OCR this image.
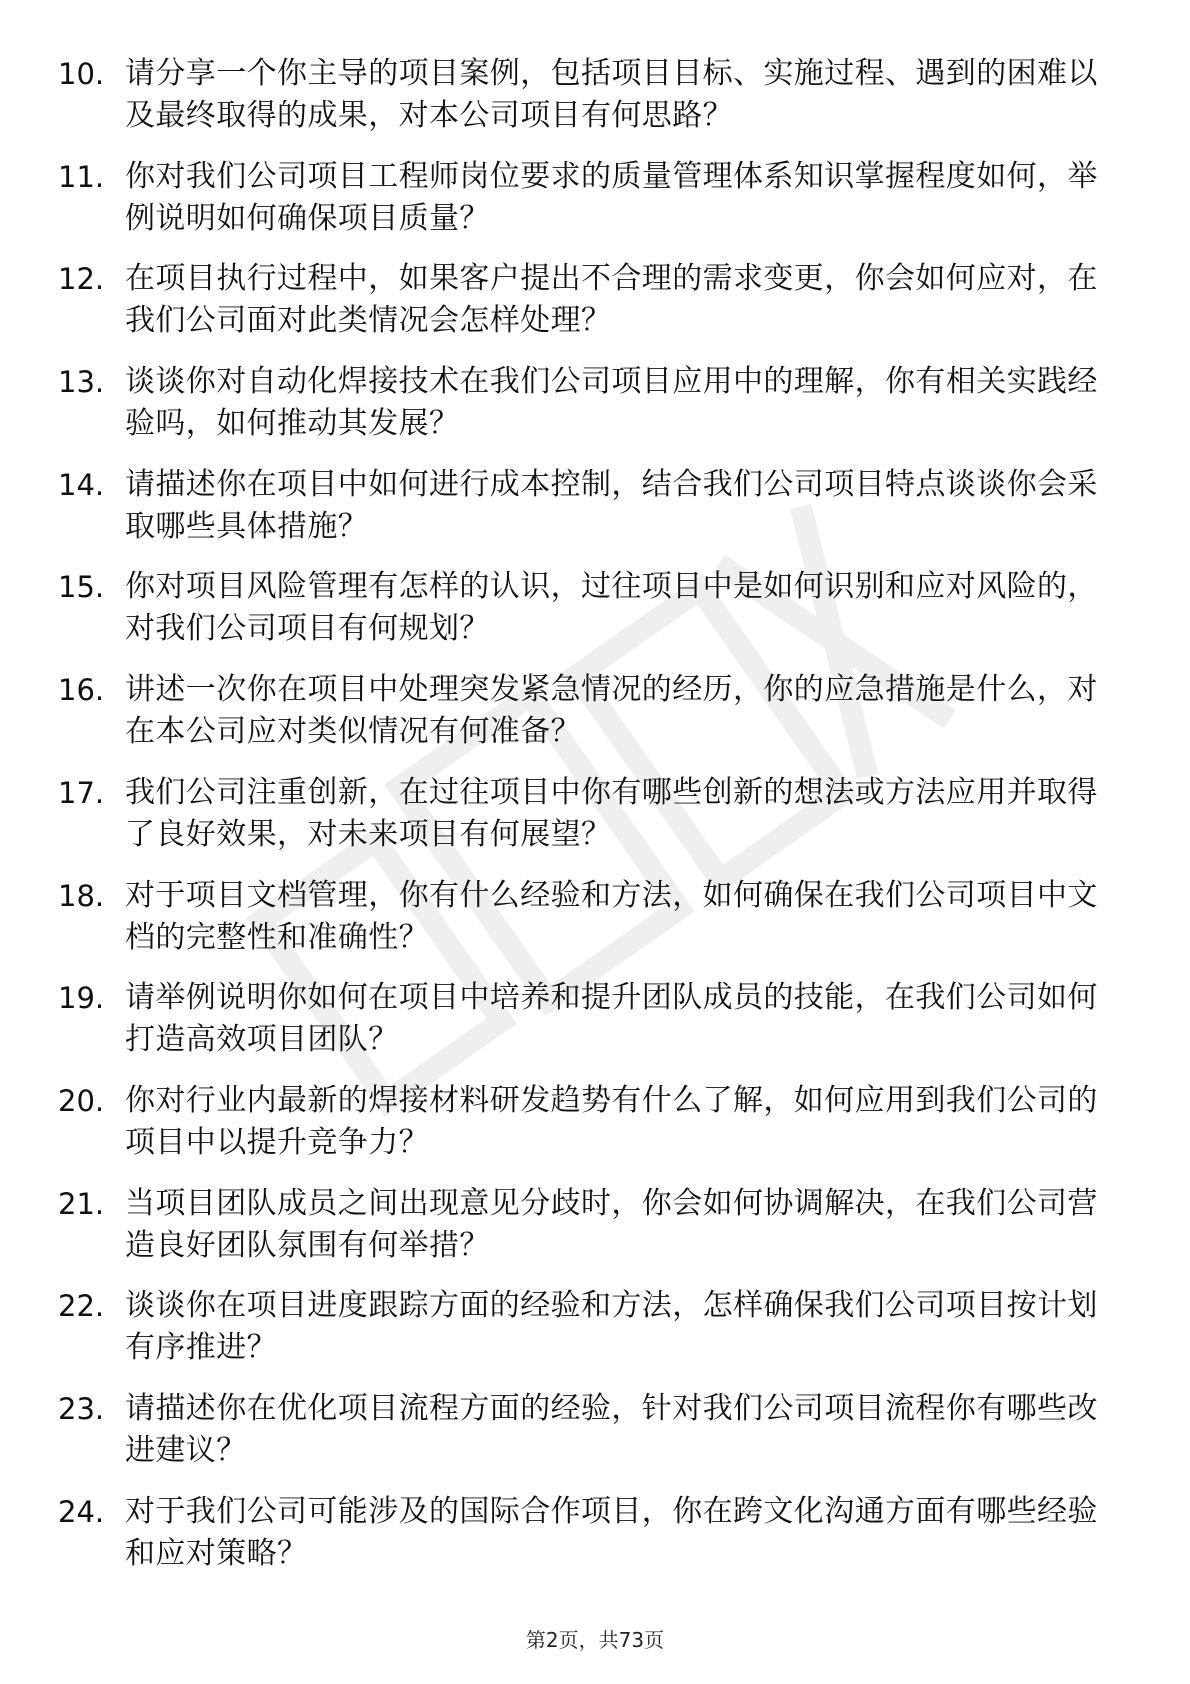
10. 请分享一个你主导的项目案例，包括项目目标、实施过程、遇到的困难以及最终取得的成果，对本公司项目有何思路？
11. 你对我们公司项目工程师岗位要求的质量管理体系知识掌握程度如何，举例说明如何确保项目质量？
12. 在项目执行过程中，如果客户提出不合理的需求变更，你会如何应对，在我们公司面对此类情况会怎样处理？
13. 谈谈你对自动化焊接技术在我们公司项目应用中的理解，你有相关实践经验吗，如何推动其发展？
14. 请描述你在项目中如何进行成本控制，结合我们公司项目特点谈谈你会采取哪些具体措施？
15. 你对项目风险管理有怎样的认识，过往项目中是如何识别和应对风险的，对我们公司项目有何规划？
16. 讲述一次你在项目中处理突发紧急情况的经历，你的应急措施是什么，对在本公司应对类似情况有何准备？
17. 我们公司注重创新，在过往项目中你有哪些创新的想法或方法应用并取得了良好效果，对未来项目有何展望？
18. 对于项目文档管理，你有什么经验和方法，如何确保在我们公司项目中文档的完整性和准确性？
19. 请举例说明你如何在项目中培养和提升团队成员的技能，在我们公司如何打造高效项目团队？
20. 你对行业内最新的焊接材料研发趋势有什么了解，如何应用到我们公司的项目中以提升竞争力？
21. 当项目团队成员之间出现意见分歧时，你会如何协调解决，在我们公司营造良好团队氛围有何举措？
22. 谈谈你在项目进度跟踪方面的经验和方法，怎样确保我们公司项目按计划有序推进？
23. 请描述你在优化项目流程方面的经验，针对我们公司项目流程你有哪些改进建议？
24. 对于我们公司可能涉及的国际合作项目，你在跨文化沟通方面有哪些经验和应对策略？
第2页，共73页
